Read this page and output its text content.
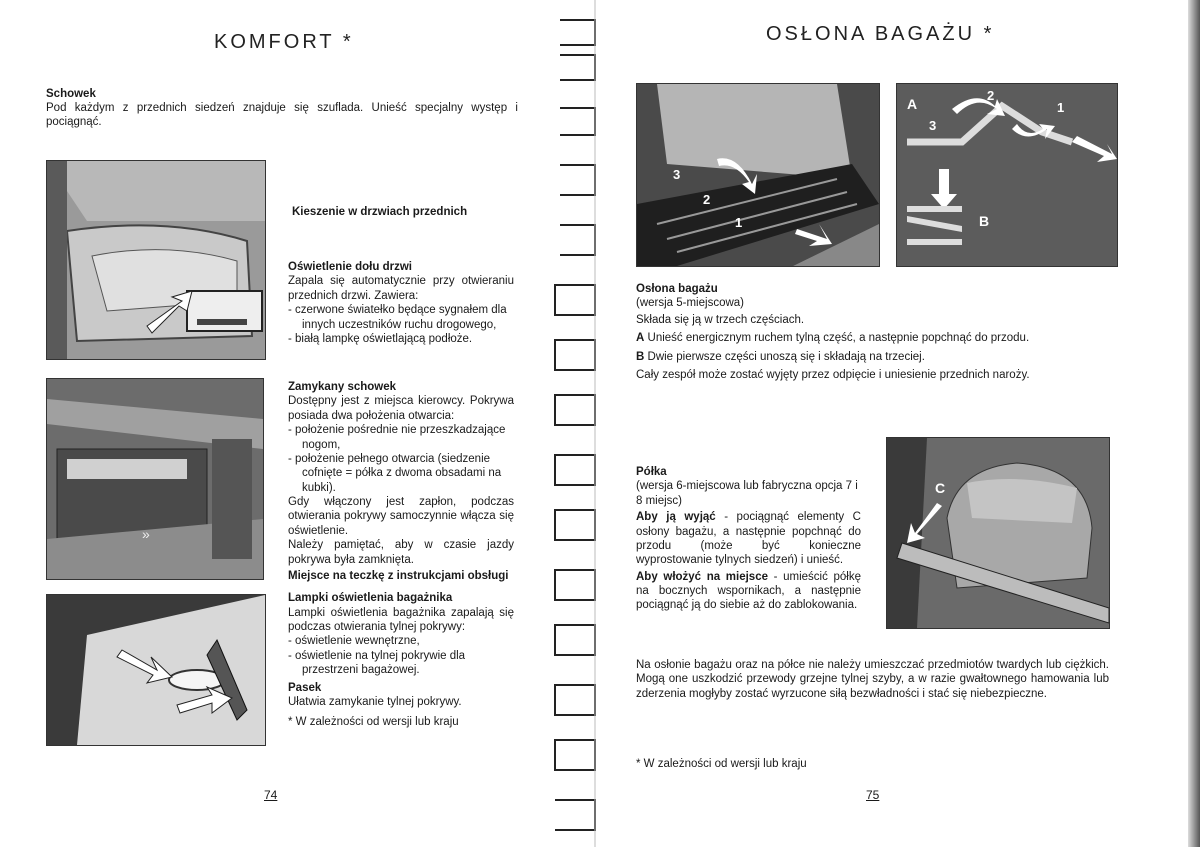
KOMFORT *
Schowek

Pod każdym z przednich siedzeń znajduje się szuflada. Unieść specjalny występ i pociągnąć.

»
Kieszenie w drzwiach przednich
Oświetlenie dołu drzwi

Zapala się automatycznie przy otwieraniu przednich drzwi. Zawiera:

- czerwone światełko będące sygnałem dla innych uczestników ruchu drogowego,
- białą lampkę oświetlającą podłoże.
Zamykany schowek

Dostępny jest z miejsca kierowcy. Pokrywa posiada dwa położenia otwarcia:

- położenie pośrednie nie przeszkadzające nogom,
- położenie pełnego otwarcia (siedzenie cofnięte = półka z dwoma obsadami na kubki).

Gdy włączony jest zapłon, podczas otwierania pokrywy samoczynnie włącza się oświetlenie.

Należy pamiętać, aby w czasie jazdy pokrywa była zamknięta.

Miejsce na teczkę z instrukcjami obsługi
Lampki oświetlenia bagażnika

Lampki oświetlenia bagażnika zapalają się podczas otwierania tylnej pokrywy:

- oświetlenie wewnętrzne,
- oświetlenie na tylnej pokrywie dla przestrzeni bagażowej.
Pasek

Ułatwia zamykanie tylnej pokrywy.

* W zależności od wersji lub kraju

74
OSŁONA BAGAŻU *
3
2
1
A
2
1
3
B
Osłona bagażu

(wersja 5-miejscowa)

Składa się ją w trzech częściach.

A Unieść energicznym ruchem tylną część, a następnie popchnąć do przodu.

B Dwie pierwsze części unoszą się i składają na trzeciej.

Cały zespół może zostać wyjęty przez odpięcie i uniesienie przednich naroży.

C
Półka

(wersja 6-miejscowa lub fabryczna opcja 7 i 8 miejsc)

Aby ją wyjąć - pociągnąć elementy C osłony bagażu, a następnie popchnąć do przodu (może być konieczne wyprostowanie tylnych siedzeń) i unieść.

Aby włożyć na miejsce - umieścić półkę na bocznych wspornikach, a następnie pociągnąć ją do siebie aż do zablokowania.

Na osłonie bagażu oraz na półce nie należy umieszczać przedmiotów twardych lub ciężkich. Mogą one uszkodzić przewody grzejne tylnej szyby, a w razie gwałtownego hamowania lub zderzenia mogłyby zostać wyrzucone siłą bezwładności i stać się niebezpieczne.

* W zależności od wersji lub kraju

75
